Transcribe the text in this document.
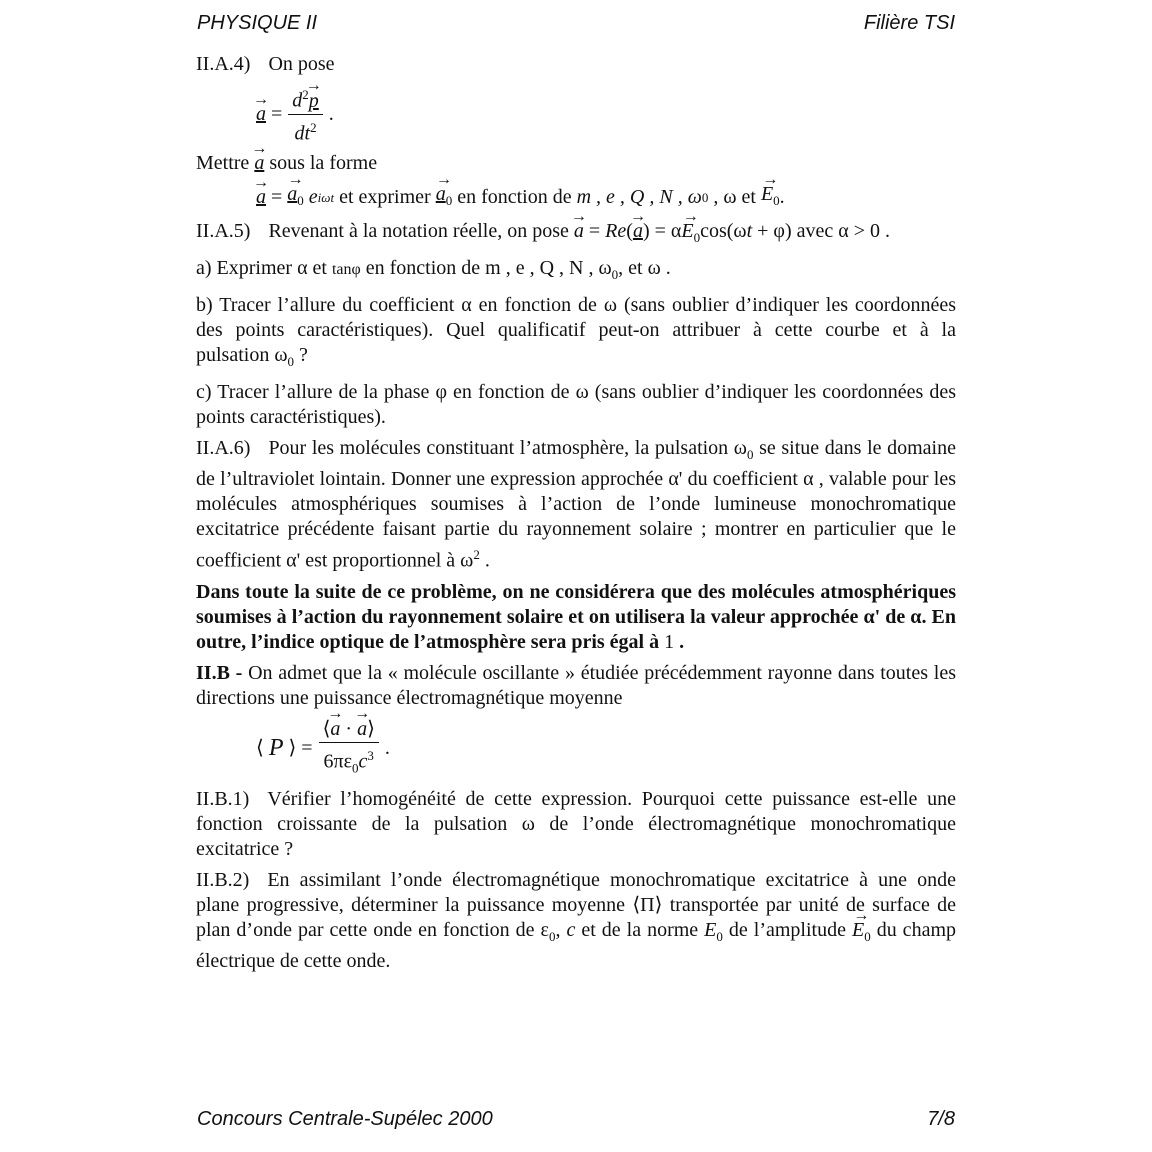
PHYSIQUE II	Filière TSI

II.A.4) On pose

→ $a = \frac{d^2\to p}{dt^2}$ .

Mettre → a sous la forme

→ a = → $a_0$
e iωt
et exprimer
→ $a_0$
en fonction de
m , e , Q , N , ω 0 , ω et
→ $E_0$ .

II.A.5) Revenant à la notation réelle, on pose → $a = Re(\to a) = \alpha\to E_0\cos(\omega t + \varphi)$ avec α > 0 .

a) Exprimer α et tanφ en fonction de m , e , Q , N , $\omega_0$, et ω .

b) Tracer l’allure du coefficient α en fonction de ω (sans oublier d’indiquer les coordonnées des points caractéristiques). Quel qualificatif peut-on attribuer à cette courbe et à la pulsation $\omega_0$ ?

c) Tracer l’allure de la phase φ en fonction de ω (sans oublier d’indiquer les coordonnées des points caractéristiques).

II.A.6) Pour les molécules constituant l’atmosphère, la pulsation $\omega_0$ se situe dans le domaine de l’ultraviolet lointain. Donner une expression approchée α' du coefficient α , valable pour les molécules atmosphériques soumises à l’action de l’onde lumineuse monochromatique excitatrice précédente faisant partie du rayonnement solaire ; montrer en particulier que le coefficient α' est proportionnel à $\omega^2$ .

Dans toute la suite de ce problème, on ne considérera que des molécules atmosphériques soumises à l’action du rayonnement solaire et on utilisera la valeur approchée α' de α. En outre, l’indice optique de l’atmosphère sera pris égal à 1 .

II.B - On admet que la « molécule oscillante » étudiée précédemment rayonne dans toutes les directions une puissance électromagnétique moyenne

⟨ P ⟩ = $\frac{⟨\to a \cdot \to a⟩}{6\pi\varepsilon_0c^3}$ .

II.B.1) Vérifier l’homogénéité de cette expression. Pourquoi cette puissance est-elle une fonction croissante de la pulsation ω de l’onde électromagnétique monochromatique excitatrice ?

II.B.2) En assimilant l’onde électromagnétique monochromatique excitatrice à une onde plane progressive, déterminer la puissance moyenne ⟨Π⟩ transportée par unité de surface de plan d’onde par cette onde en fonction de $\varepsilon_0$, c et de la norme $E_0$ de l’amplitude → $E_0$ du champ électrique de cette onde.

Concours Centrale-Supélec 2000	7/8
